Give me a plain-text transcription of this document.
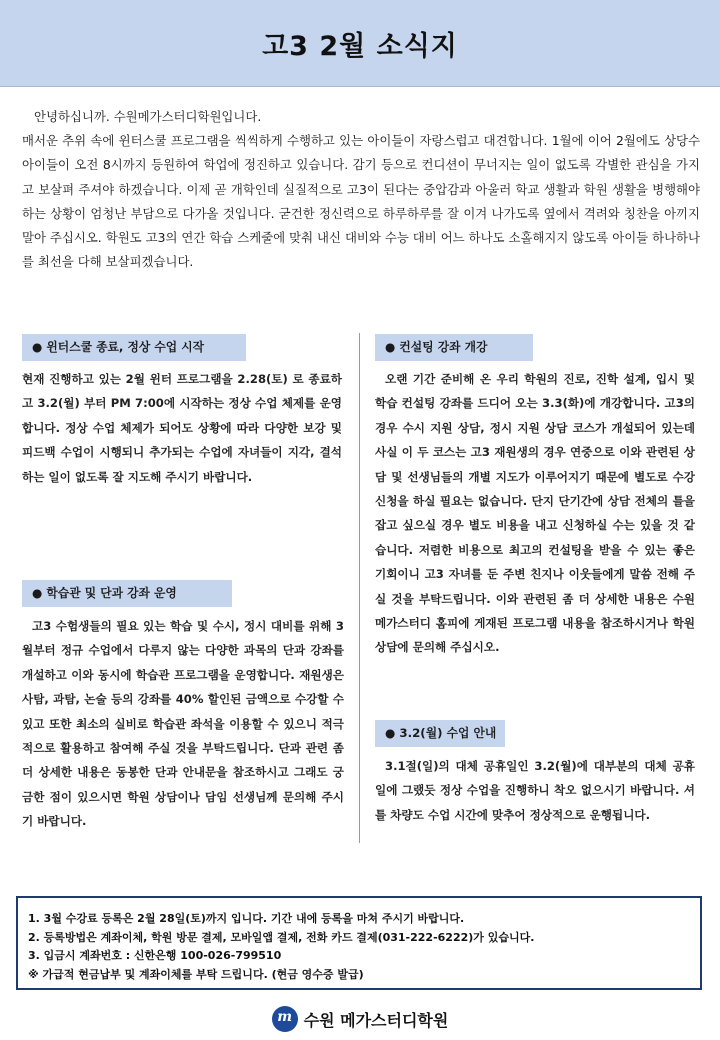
고3 2월 소식지

안녕하십니까. 수원메가스터디학원입니다.

매서운 추위 속에 윈터스쿨 프로그램을 씩씩하게 수행하고 있는 아이들이 자랑스럽고 대견합니다. 1월에 이어 2월에도 상당수 아이들이 오전 8시까지 등원하여 학업에 정진하고 있습니다. 감기 등으로 컨디션이 무너지는 일이 없도록 각별한 관심을 가지고 보살펴 주셔야 하겠습니다. 이제 곧 개학인데 실질적으로 고3이 된다는 중압감과 아울러 학교 생활과 학원 생활을 병행해야 하는 상황이 엄청난 부담으로 다가올 것입니다. 굳건한 정신력으로 하루하루를 잘 이겨 나가도록 옆에서 격려와 칭찬을 아끼지 말아 주십시오. 학원도 고3의 연간 학습 스케줄에 맞춰 내신 대비와 수능 대비 어느 하나도 소홀해지지 않도록 아이들 하나하나를 최선을 다해 보살피겠습니다.

● 윈터스쿨 종료, 정상 수업 시작

현재 진행하고 있는 2월 윈터 프로그램을 2.28(토) 로 종료하고 3.2(월) 부터 PM 7:00에 시작하는 정상 수업 체제를 운영합니다. 정상 수업 체제가 되어도 상황에 따라 다양한 보강 및 피드백 수업이 시행되니 추가되는 수업에 자녀들이 지각, 결석하는 일이 없도록 잘 지도해 주시기 바랍니다.

● 학습관 및 단과 강좌 운영

고3 수험생들의 필요 있는 학습 및 수시, 정시 대비를 위해 3월부터 정규 수업에서 다루지 않는 다양한 과목의 단과 강좌를 개설하고 이와 동시에 학습관 프로그램을 운영합니다. 재원생은 사탐, 과탐, 논술 등의 강좌를 40% 할인된 금액으로 수강할 수 있고 또한 최소의 실비로 학습관 좌석을 이용할 수 있으니 적극적으로 활용하고 참여해 주실 것을 부탁드립니다. 단과 관련 좀 더 상세한 내용은 동봉한 단과 안내문을 참조하시고 그래도 궁금한 점이 있으시면 학원 상담이나 담임 선생님께 문의해 주시기 바랍니다.

● 컨설팅 강좌 개강

오랜 기간 준비해 온 우리 학원의 진로, 진학 설계, 입시 및 학습 컨설팅 강좌를 드디어 오는 3.3(화)에 개강합니다. 고3의 경우 수시 지원 상담, 정시 지원 상담 코스가 개설되어 있는데 사실 이 두 코스는 고3 재원생의 경우 연중으로 이와 관련된 상담 및 선생님들의 개별 지도가 이루어지기 때문에 별도로 수강 신청을 하실 필요는 없습니다. 단지 단기간에 상담 전체의 틀을 잡고 싶으실 경우 별도 비용을 내고 신청하실 수는 있을 것 같습니다. 저렴한 비용으로 최고의 컨설팅을 받을 수 있는 좋은 기회이니 고3 자녀를 둔 주변 친지나 이웃들에게 말씀 전해 주실 것을 부탁드립니다. 이와 관련된 좀 더 상세한 내용은 수원메가스터디 홈피에 게재된 프로그램 내용을 참조하시거나 학원 상담에 문의해 주십시오.

● 3.2(월) 수업 안내

3.1절(일)의 대체 공휴일인 3.2(월)에 대부분의 대체 공휴일에 그랬듯 정상 수업을 진행하니 착오 없으시기 바랍니다. 셔틀 차량도 수업 시간에 맞추어 정상적으로 운행됩니다.

1. 3월 수강료 등록은 2월 28일(토)까지 입니다. 기간 내에 등록을 마쳐 주시기 바랍니다.

2. 등록방법은 계좌이체, 학원 방문 결제, 모바일앱 결제, 전화 카드 결제(031-222-6222)가 있습니다.

3. 입금시 계좌번호 : 신한은행 100-026-799510

※ 가급적 현금납부 및 계좌이체를 부탁 드립니다. (현금 영수증 발급)

m 수원 메가스터디학원
